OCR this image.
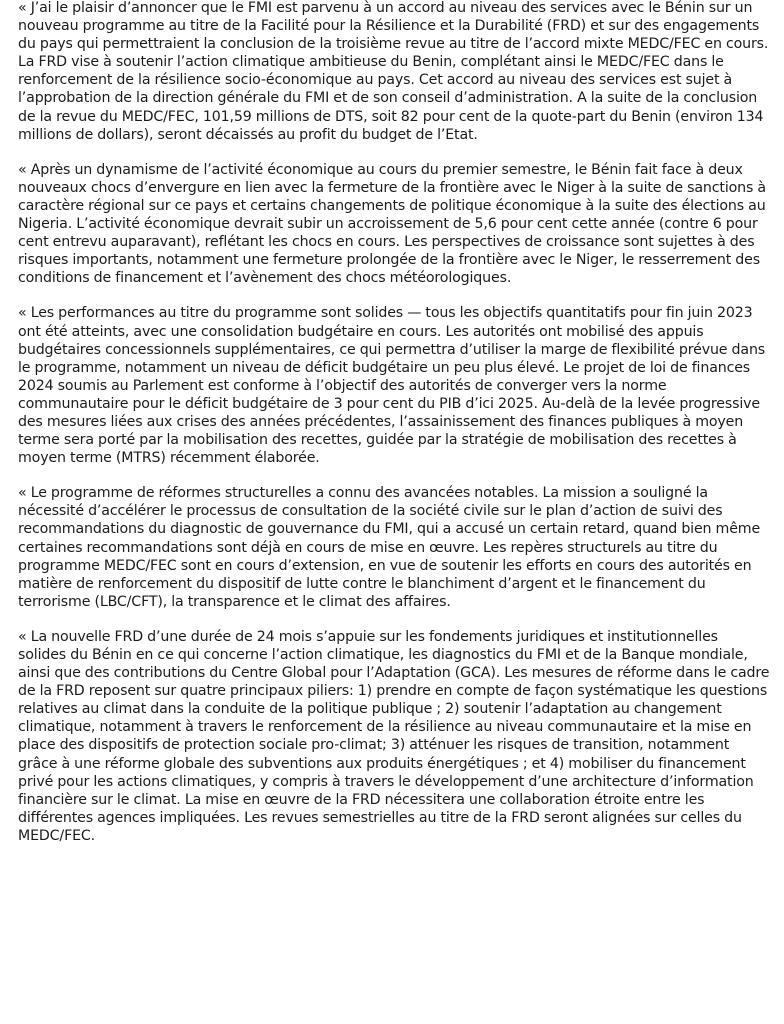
« J’ai le plaisir d’annoncer que le FMI est parvenu à un accord au niveau des services avec le Bénin sur un nouveau programme au titre de la Facilité pour la Résilience et la Durabilité (FRD) et sur des engagements du pays qui permettraient la conclusion de la troisième revue au titre de l’accord mixte MEDC/FEC en cours. La FRD vise à soutenir l’action climatique ambitieuse du Benin, complétant ainsi le MEDC/FEC dans le renforcement de la résilience socio-économique au pays. Cet accord au niveau des services est sujet à l’approbation de la direction générale du FMI et de son conseil d’administration. A la suite de la conclusion de la revue du MEDC/FEC, 101,59 millions de DTS, soit 82 pour cent de la quote-part du Benin (environ 134 millions de dollars), seront décaissés au profit du budget de l’Etat.

« Après un dynamisme de l’activité économique au cours du premier semestre, le Bénin fait face à deux nouveaux chocs d’envergure en lien avec la fermeture de la frontière avec le Niger à la suite de sanctions à caractère régional sur ce pays et certains changements de politique économique à la suite des élections au Nigeria. L’activité économique devrait subir un accroissement de 5,6 pour cent cette année (contre 6 pour cent entrevu auparavant), reflétant les chocs en cours. Les perspectives de croissance sont sujettes à des risques importants, notamment une fermeture prolongée de la frontière avec le Niger, le resserrement des conditions de financement et l’avènement des chocs météorologiques.

« Les performances au titre du programme sont solides — tous les objectifs quantitatifs pour fin juin 2023 ont été atteints, avec une consolidation budgétaire en cours. Les autorités ont mobilisé des appuis budgétaires concessionnels supplémentaires, ce qui permettra d’utiliser la marge de flexibilité prévue dans le programme, notamment un niveau de déficit budgétaire un peu plus élevé. Le projet de loi de finances 2024 soumis au Parlement est conforme à l’objectif des autorités de converger vers la norme communautaire pour le déficit budgétaire de 3 pour cent du PIB d’ici 2025. Au-delà de la levée progressive des mesures liées aux crises des années précédentes, l’assainissement des finances publiques à moyen terme sera porté par la mobilisation des recettes, guidée par la stratégie de mobilisation des recettes à moyen terme (MTRS) récemment élaborée.

« Le programme de réformes structurelles a connu des avancées notables. La mission a souligné la nécessité d’accélérer le processus de consultation de la société civile sur le plan d’action de suivi des recommandations du diagnostic de gouvernance du FMI, qui a accusé un certain retard, quand bien même certaines recommandations sont déjà en cours de mise en œuvre. Les repères structurels au titre du programme MEDC/FEC sont en cours d’extension, en vue de soutenir les efforts en cours des autorités en matière de renforcement du dispositif de lutte contre le blanchiment d’argent et le financement du terrorisme (LBC/CFT), la transparence et le climat des affaires.

« La nouvelle FRD d’une durée de 24 mois s’appuie sur les fondements juridiques et institutionnelles solides du Bénin en ce qui concerne l’action climatique, les diagnostics du FMI et de la Banque mondiale, ainsi que des contributions du Centre Global pour l’Adaptation (GCA). Les mesures de réforme dans le cadre de la FRD reposent sur quatre principaux piliers: 1) prendre en compte de façon systématique les questions relatives au climat dans la conduite de la politique publique ; 2) soutenir l’adaptation au changement climatique, notamment à travers le renforcement de la résilience au niveau communautaire et la mise en place des dispositifs de protection sociale pro-climat; 3) atténuer les risques de transition, notamment grâce à une réforme globale des subventions aux produits énergétiques ; et 4) mobiliser du financement privé pour les actions climatiques, y compris à travers le développement d’une architecture d’information financière sur le climat. La mise en œuvre de la FRD nécessitera une collaboration étroite entre les différentes agences impliquées. Les revues semestrielles au titre de la FRD seront alignées sur celles du MEDC/FEC.
